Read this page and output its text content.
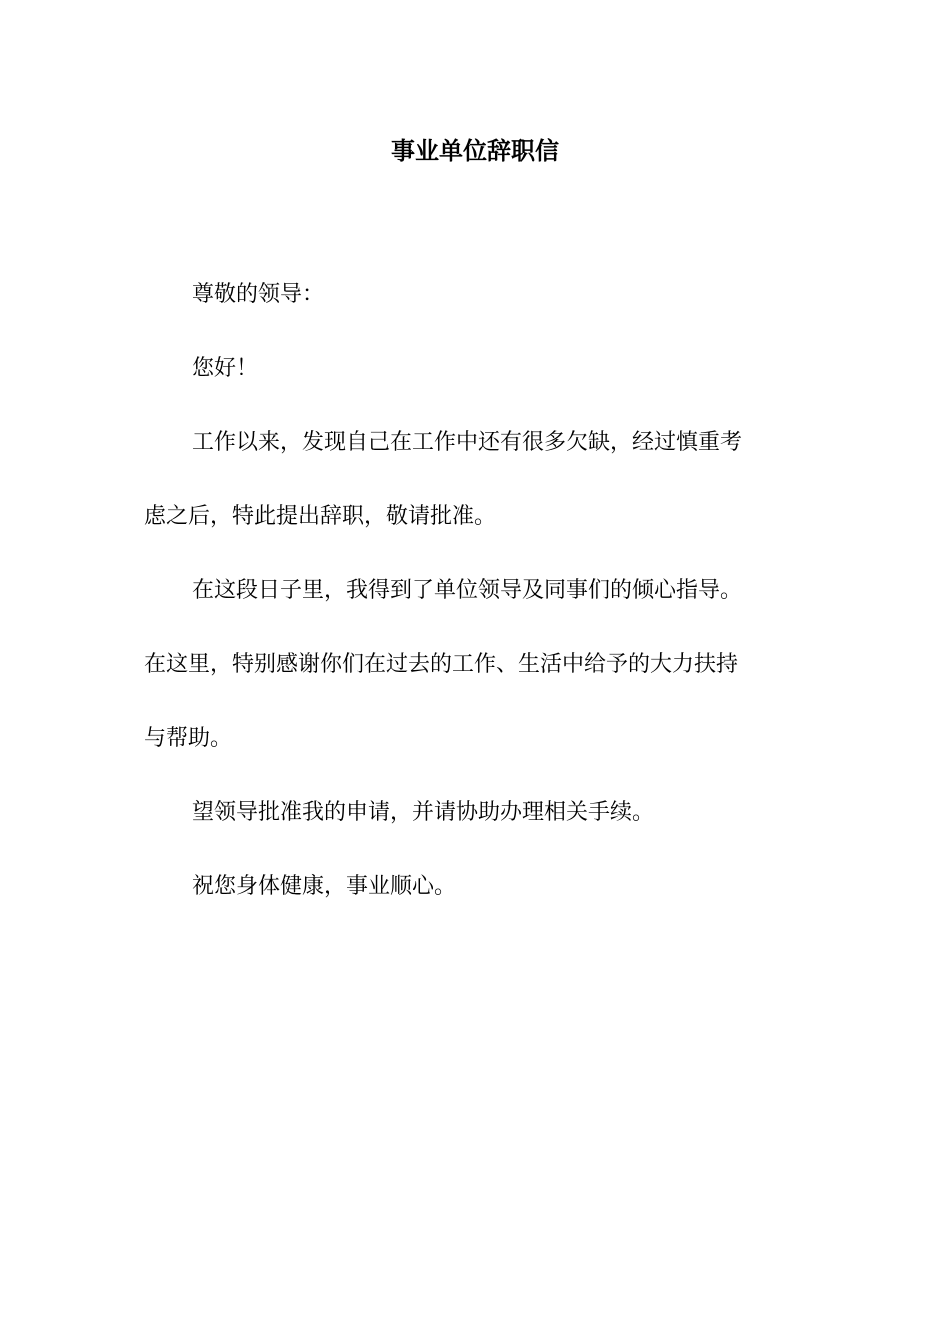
事业单位辞职信
尊敬的领导：
您好！
工作以来，发现自己在工作中还有很多欠缺，经过慎重考
虑之后，特此提出辞职，敬请批准。
在这段日子里，我得到了单位领导及同事们的倾心指导。
在这里，特别感谢你们在过去的工作、生活中给予的大力扶持
与帮助。
望领导批准我的申请，并请协助办理相关手续。
祝您身体健康，事业顺心。
